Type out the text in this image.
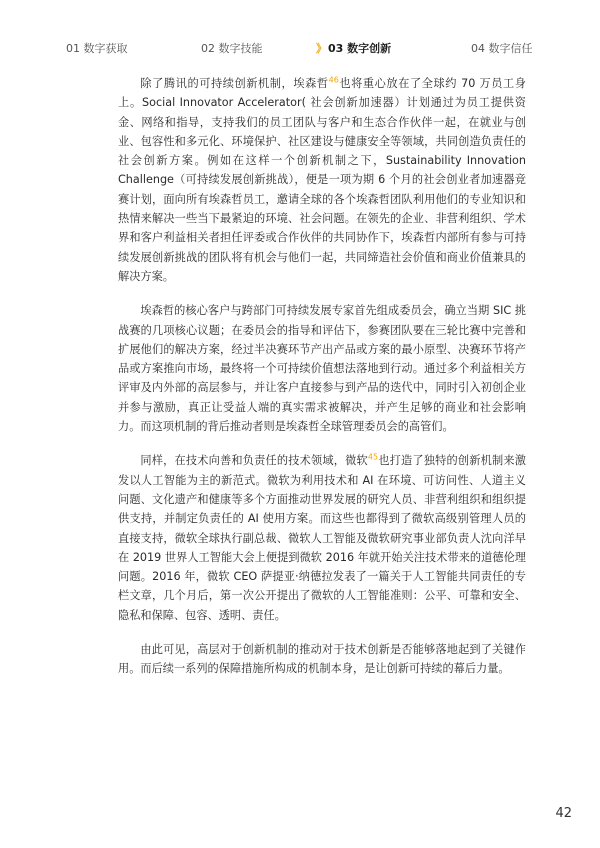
01 数字获取	02 数字技能	》 03 数字创新	04 数字信任

除了腾讯的可持续创新机制，埃森哲$^{46}$也将重心放在了全球约 70 万员工身上。Social Innovator Accelerator( 社会创新加速器）计划通过为员工提供资金、网络和指导，支持我们的员工团队与客户和生态合作伙伴一起，在就业与创业、包容性和多元化、环境保护、社区建设与健康安全等领域，共同创造负责任的社会创新方案。例如在这样一个创新机制之下，Sustainability Innovation Challenge（可持续发展创新挑战），便是一项为期 6 个月的社会创业者加速器竞赛计划，面向所有埃森哲员工，邀请全球的各个埃森哲团队利用他们的专业知识和热情来解决一些当下最紧迫的环境、社会问题。在领先的企业、非营利组织、学术界和客户利益相关者担任评委或合作伙伴的共同协作下，埃森哲内部所有参与可持续发展创新挑战的团队将有机会与他们一起，共同缔造社会价值和商业价值兼具的解决方案。

埃森哲的核心客户与跨部门可持续发展专家首先组成委员会，确立当期 SIC 挑战赛的几项核心议题；在委员会的指导和评估下，参赛团队要在三轮比赛中完善和扩展他们的解决方案，经过半决赛环节产出产品或方案的最小原型、决赛环节将产品或方案推向市场，最终将一个可持续价值想法落地到行动。通过多个利益相关方评审及内外部的高层参与，并让客户直接参与到产品的迭代中，同时引入初创企业并参与激励，真正让受益人端的真实需求被解决，并产生足够的商业和社会影响力。而这项机制的背后推动者则是埃森哲全球管理委员会的高管们。

同样，在技术向善和负责任的技术领域，微软$^{45}$也打造了独特的创新机制来激发以人工智能为主的新范式。微软为利用技术和 AI 在环境、可访问性、人道主义问题、文化遗产和健康等多个方面推动世界发展的研究人员、非营利组织和组织提供支持，并制定负责任的 AI 使用方案。而这些也都得到了微软高级别管理人员的直接支持，微软全球执行副总裁、微软人工智能及微软研究事业部负责人沈向洋早在 2019 世界人工智能大会上便提到微软 2016 年就开始关注技术带来的道德伦理问题。2016 年，微软 CEO 萨提亚·纳德拉发表了一篇关于人工智能共同责任的专栏文章，几个月后，第一次公开提出了微软的人工智能准则：公平、可靠和安全、隐私和保障、包容、透明、责任。

由此可见，高层对于创新机制的推动对于技术创新是否能够落地起到了关键作用。而后续一系列的保障措施所构成的机制本身，是让创新可持续的幕后力量。

42
